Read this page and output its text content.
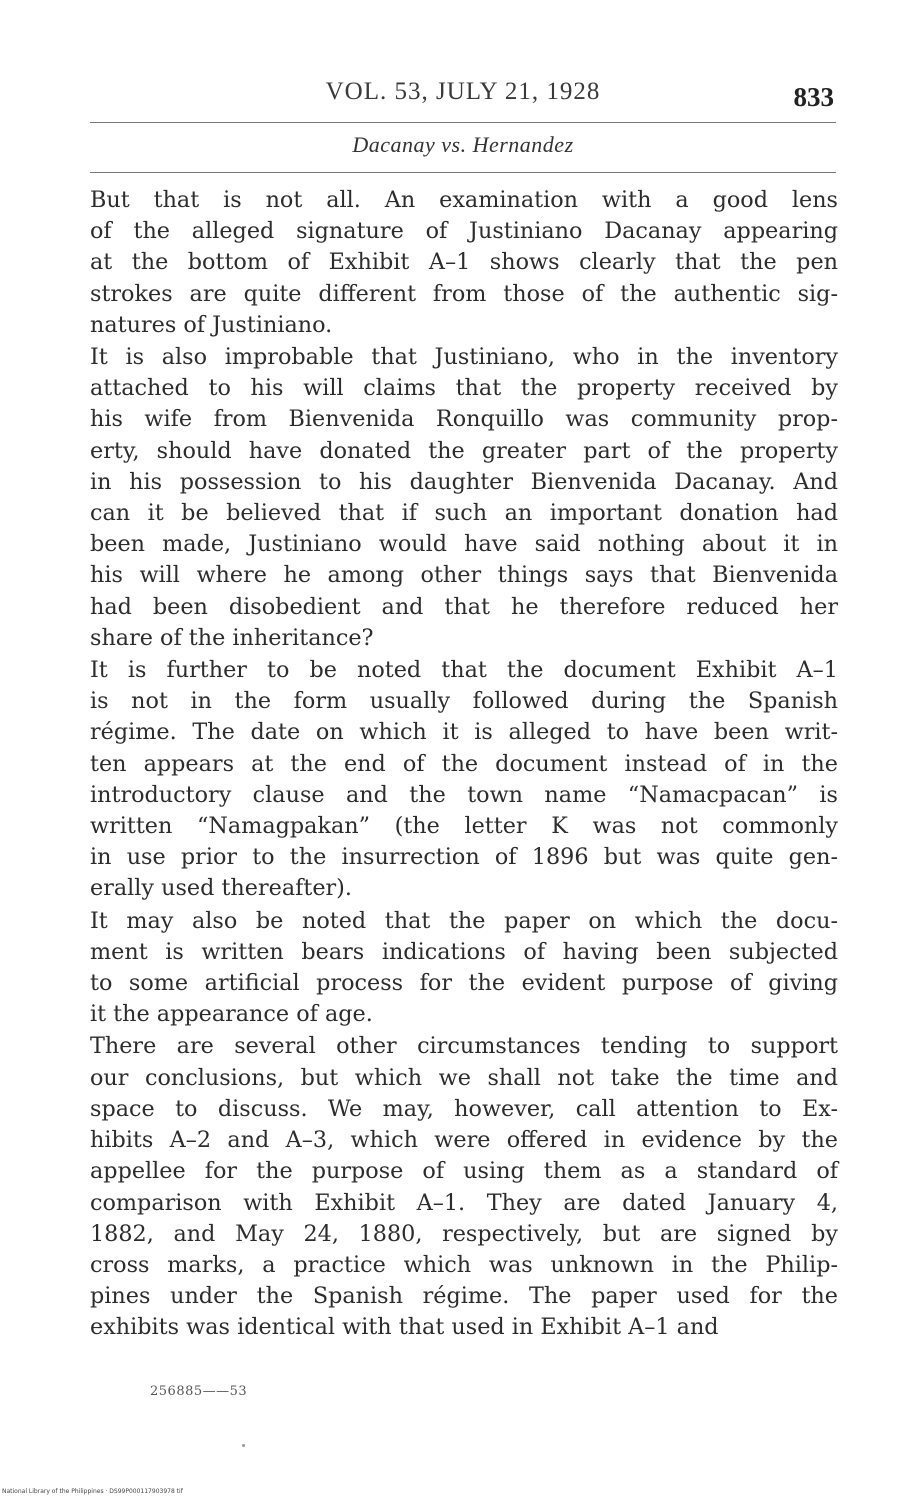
VOL. 53, JULY 21, 1928	833
Dacanay vs. Hernandez
But that is not all. An examination with a good lens
of the alleged signature of Justiniano Dacanay appearing
at the bottom of Exhibit A–1 shows clearly that the pen
strokes are quite different from those of the authentic sig-
natures of Justiniano.
It is also improbable that Justiniano, who in the inventory
attached to his will claims that the property received by
his wife from Bienvenida Ronquillo was community prop-
erty, should have donated the greater part of the property
in his possession to his daughter Bienvenida Dacanay. And
can it be believed that if such an important donation had
been made, Justiniano would have said nothing about it in
his will where he among other things says that Bienvenida
had been disobedient and that he therefore reduced her
share of the inheritance?
It is further to be noted that the document Exhibit A–1
is not in the form usually followed during the Spanish
régime. The date on which it is alleged to have been writ-
ten appears at the end of the document instead of in the
introductory clause and the town name “Namacpacan” is
written “Namagpakan” (the letter K was not commonly
in use prior to the insurrection of 1896 but was quite gen-
erally used thereafter).
It may also be noted that the paper on which the docu-
ment is written bears indications of having been subjected
to some artificial process for the evident purpose of giving
it the appearance of age.
There are several other circumstances tending to support
our conclusions, but which we shall not take the time and
space to discuss. We may, however, call attention to Ex-
hibits A–2 and A–3, which were offered in evidence by the
appellee for the purpose of using them as a standard of
comparison with Exhibit A–1. They are dated January 4,
1882, and May 24, 1880, respectively, but are signed by
cross marks, a practice which was unknown in the Philip-
pines under the Spanish régime. The paper used for the
exhibits was identical with that used in Exhibit A–1 and
256885——53
National Library of the Philippines · DS99P000117903978 tif
